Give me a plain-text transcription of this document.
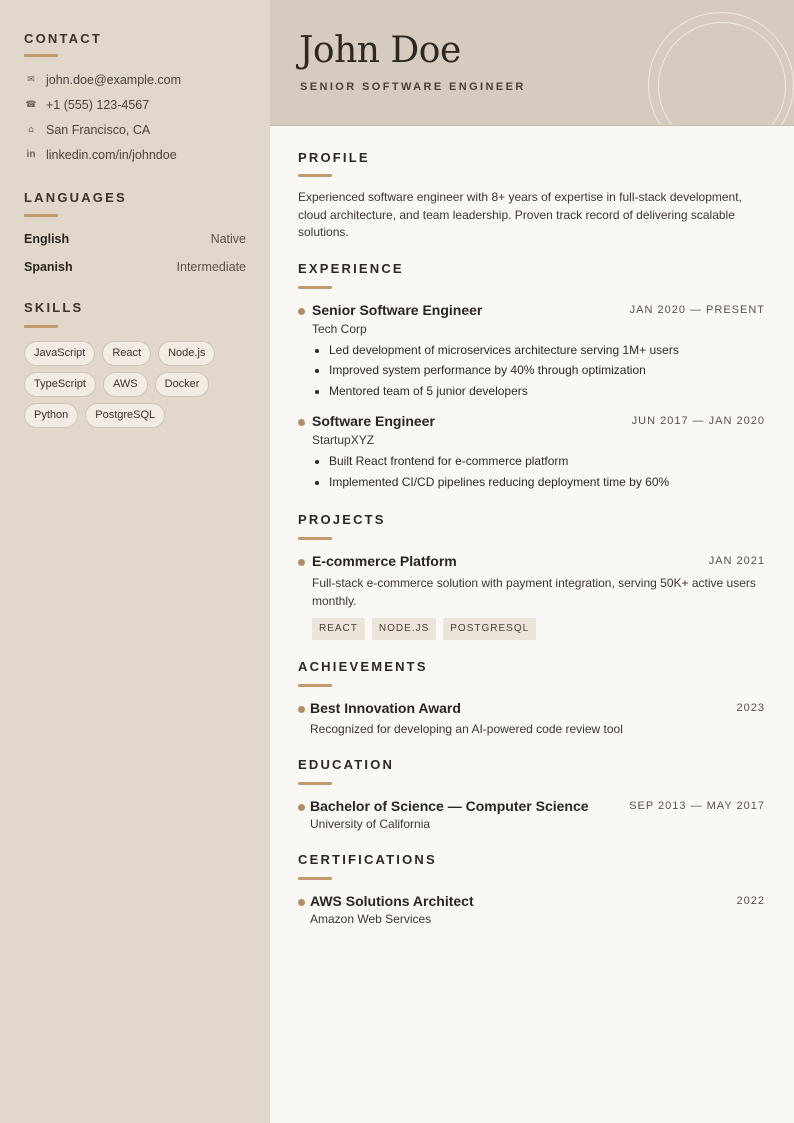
CONTACT
✉ john.doe@example.com
☎ +1 (555) 123-4567
⌂ San Francisco, CA
in linkedin.com/in/johndoe
LANGUAGES
English	Native
Spanish	Intermediate
SKILLS
JavaScript	React	Node.js
TypeScript	AWS	Docker
Python	PostgreSQL
John Doe
SENIOR SOFTWARE ENGINEER
PROFILE

Experienced software engineer with 8+ years of expertise in full-stack development, cloud architecture, and team leadership. Proven track record of delivering scalable solutions.

EXPERIENCE
Senior Software Engineer	JAN 2020 — PRESENT
Tech Corp
• Led development of microservices architecture serving 1M+ users
• Improved system performance by 40% through optimization
• Mentored team of 5 junior developers
Software Engineer	JUN 2017 — JAN 2020
StartupXYZ
• Built React frontend for e-commerce platform
• Implemented CI/CD pipelines reducing deployment time by 60%
PROJECTS
E-commerce Platform	JAN 2021

Full-stack e-commerce solution with payment integration, serving 50K+ active users monthly.

REACT	NODE.JS	POSTGRESQL
ACHIEVEMENTS
Best Innovation Award	2023
Recognized for developing an AI-powered code review tool
EDUCATION
Bachelor of Science — Computer Science	SEP 2013 — MAY 2017
University of California
CERTIFICATIONS
AWS Solutions Architect	2022
Amazon Web Services
